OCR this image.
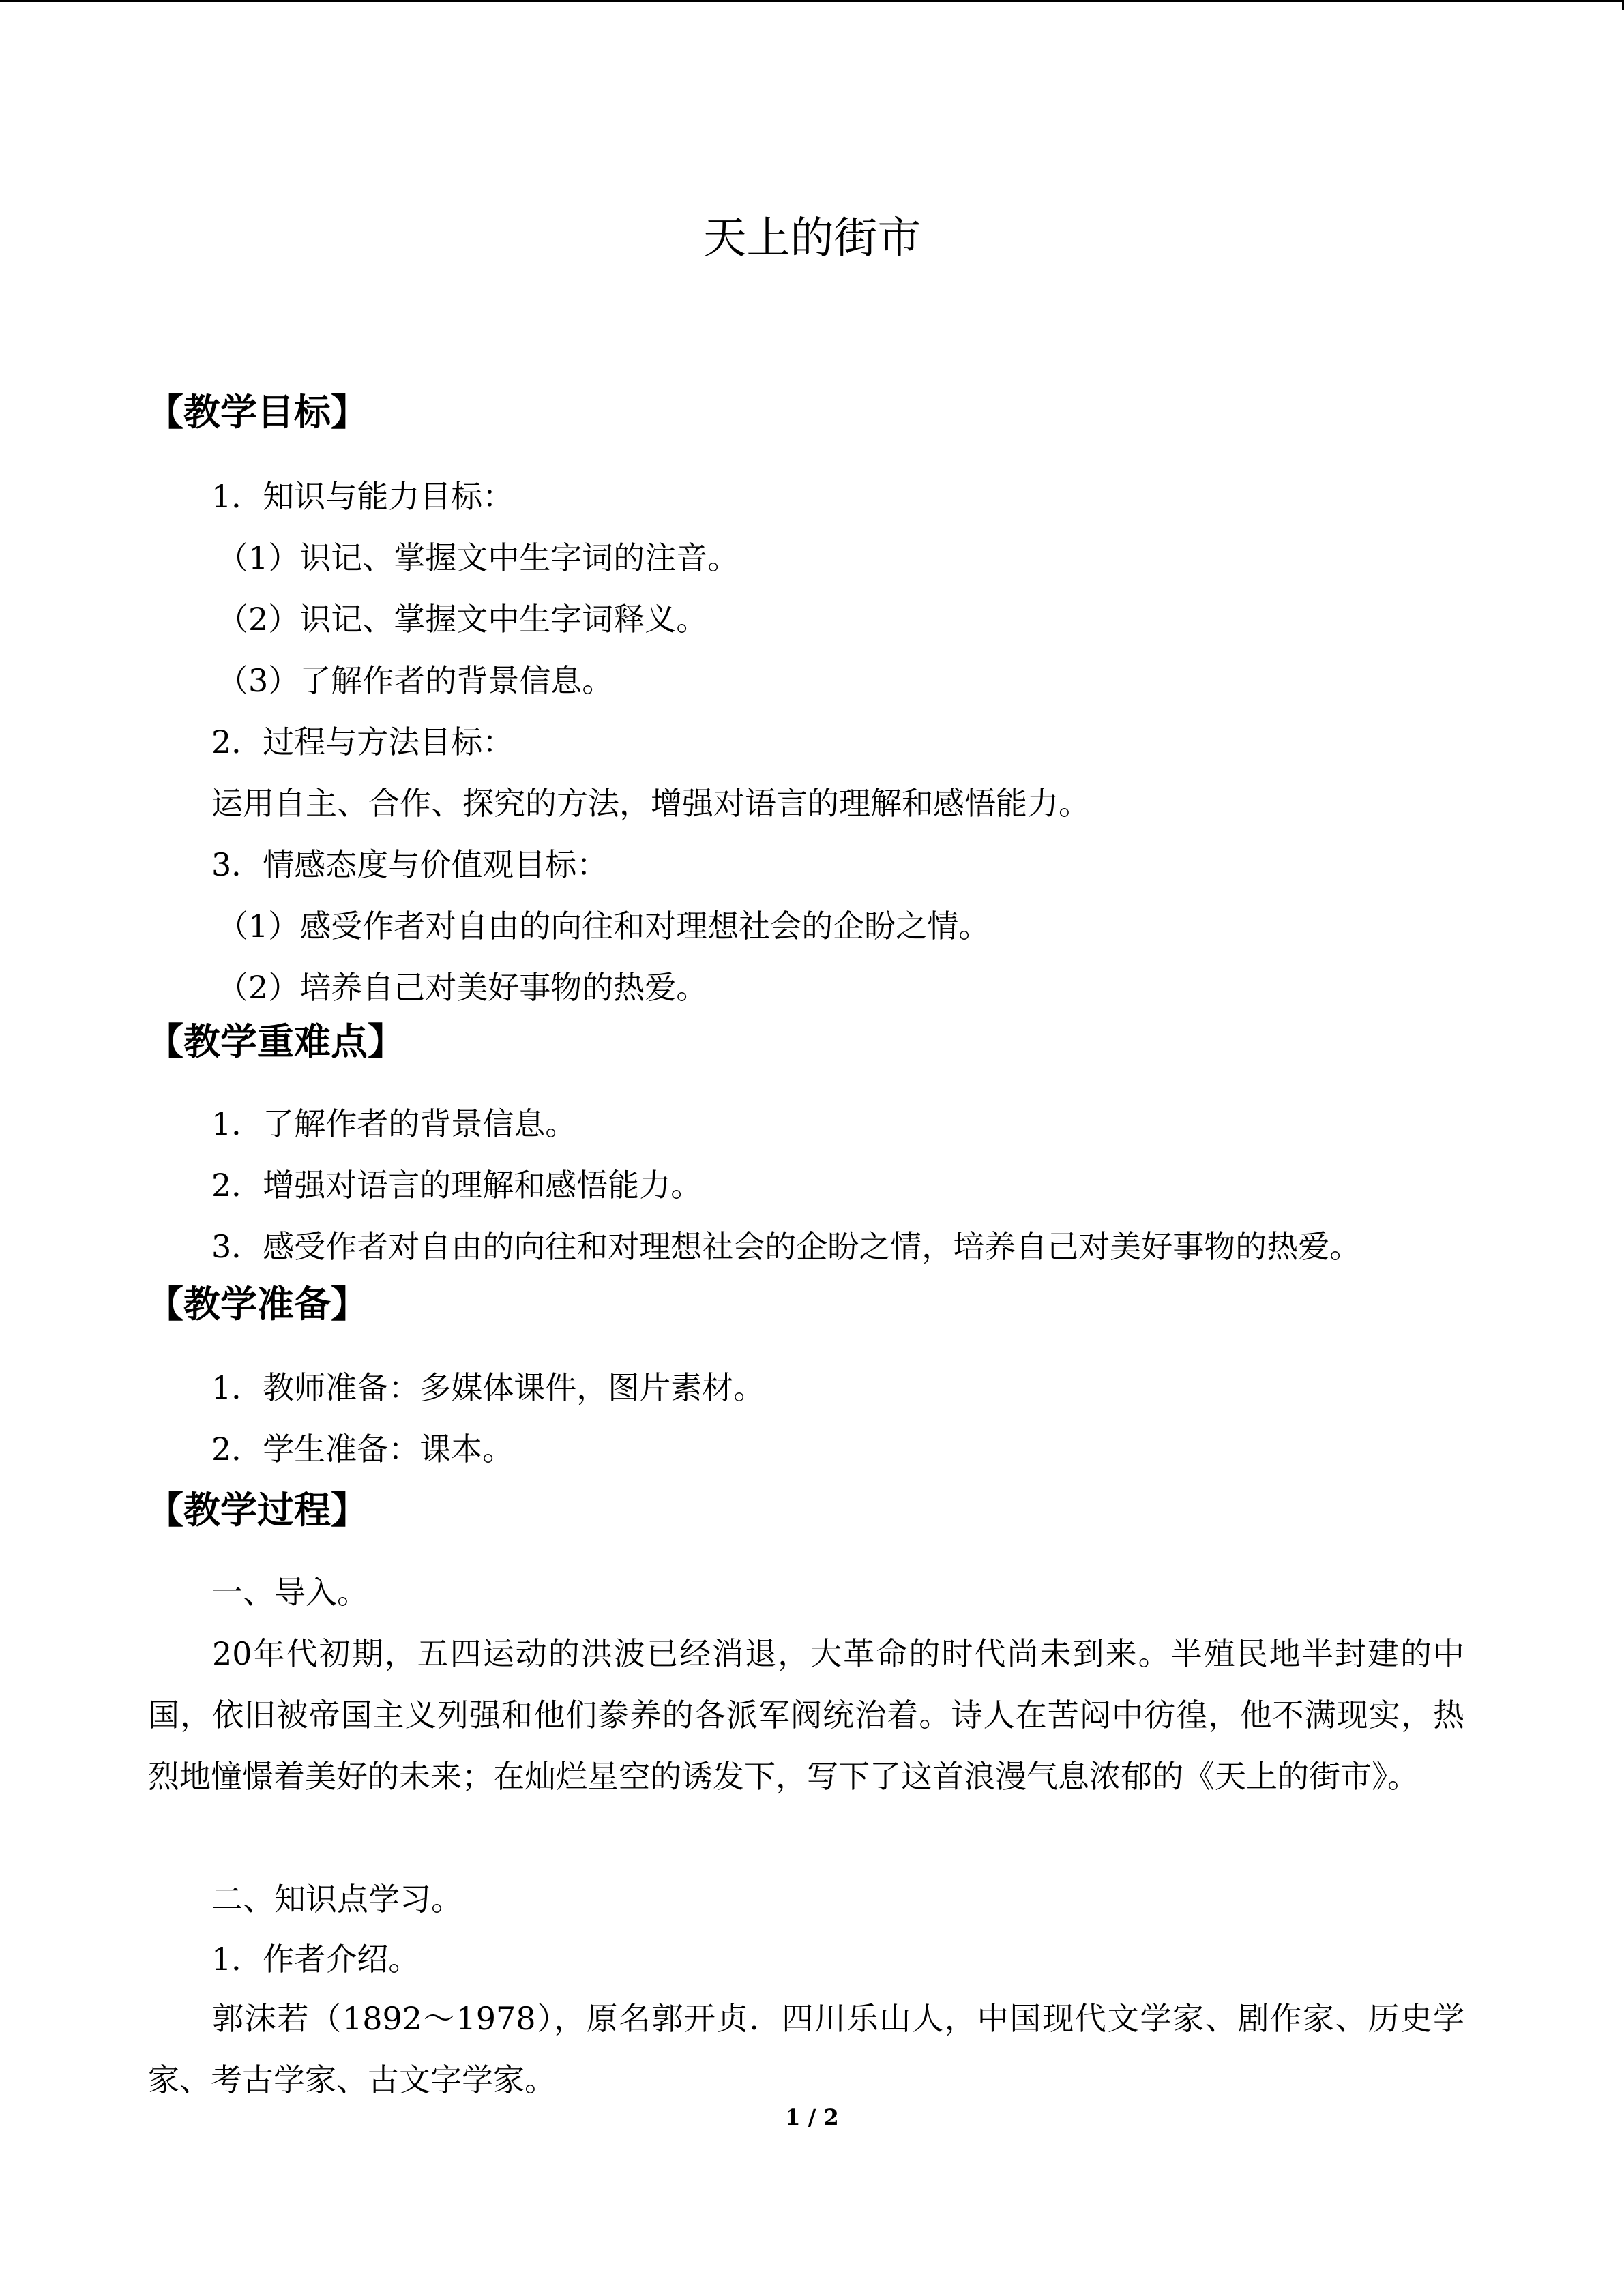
天上的街市
【教学目标】
1．知识与能力目标：
（1）识记、掌握文中生字词的注音。
（2）识记、掌握文中生字词释义。
（3）了解作者的背景信息。
2．过程与方法目标：
运用自主、合作、探究的方法，增强对语言的理解和感悟能力。
3．情感态度与价值观目标：
（1）感受作者对自由的向往和对理想社会的企盼之情。
（2）培养自己对美好事物的热爱。
【教学重难点】
1．了解作者的背景信息。
2．增强对语言的理解和感悟能力。
3．感受作者对自由的向往和对理想社会的企盼之情，培养自己对美好事物的热爱。
【教学准备】
1．教师准备：多媒体课件，图片素材。
2．学生准备：课本。
【教学过程】
一、导入。
20年代初期，五四运动的洪波已经消退，大革命的时代尚未到来。半殖民地半封建的中国，依旧被帝国主义列强和他们豢养的各派军阀统治着。诗人在苦闷中彷徨，他不满现实，热烈地憧憬着美好的未来；在灿烂星空的诱发下，写下了这首浪漫气息浓郁的《天上的街市》。
二、知识点学习。
1．作者介绍。
郭沫若（1892～1978），原名郭开贞．四川乐山人，中国现代文学家、剧作家、历史学家、考古学家、古文字学家。
1 / 2
